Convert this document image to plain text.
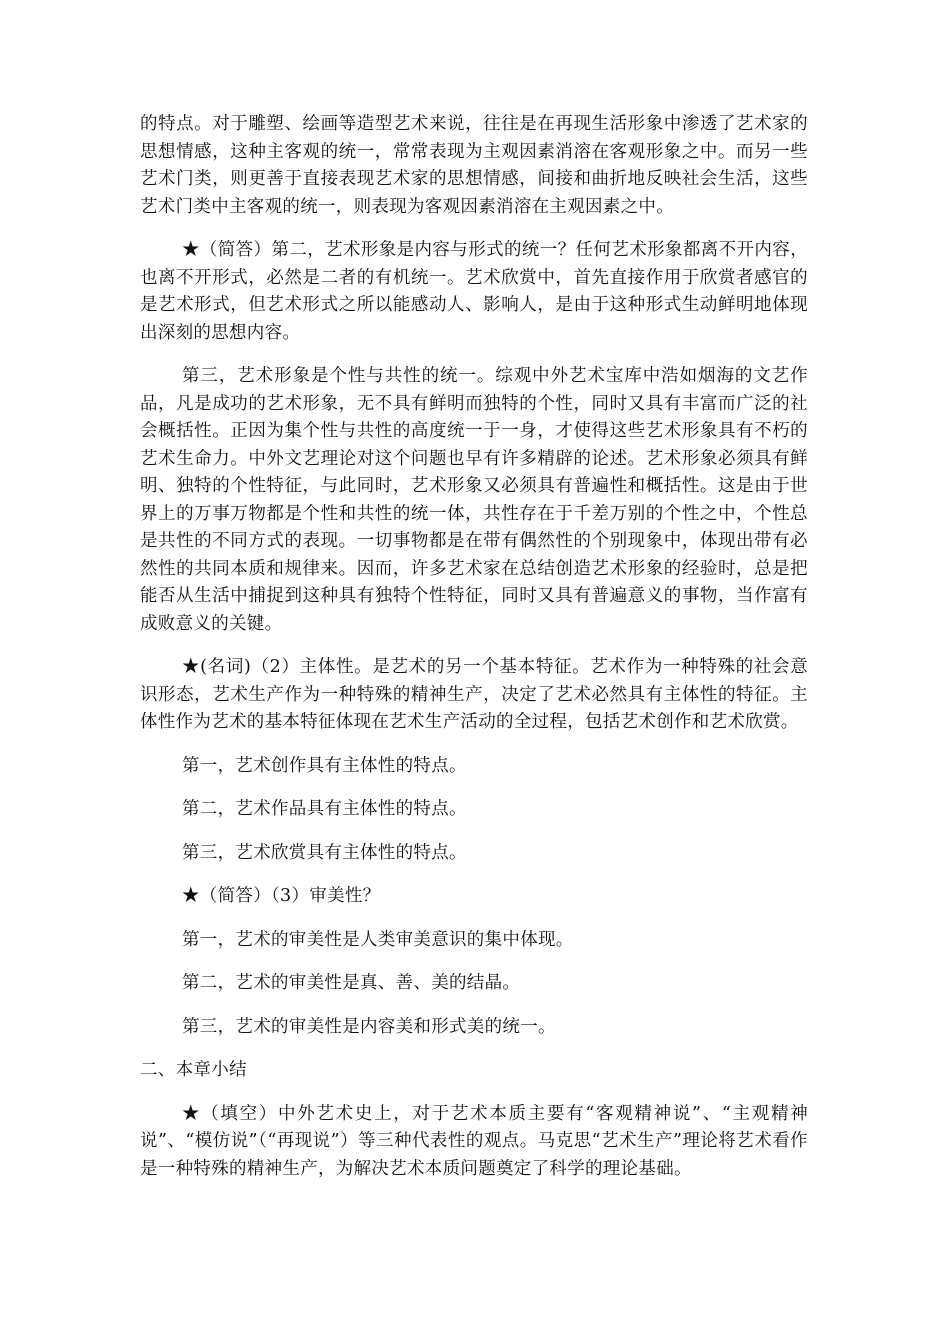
的特点。对于雕塑、绘画等造型艺术来说，往往是在再现生活形象中渗透了艺术家的思想情感，这种主客观的统一，常常表现为主观因素消溶在客观形象之中。而另一些艺术门类，则更善于直接表现艺术家的思想情感，间接和曲折地反映社会生活，这些艺术门类中主客观的统一，则表现为客观因素消溶在主观因素之中。

★（简答）第二，艺术形象是内容与形式的统一？任何艺术形象都离不开内容，也离不开形式，必然是二者的有机统一。艺术欣赏中，首先直接作用于欣赏者感官的是艺术形式，但艺术形式之所以能感动人、影响人，是由于这种形式生动鲜明地体现出深刻的思想内容。

第三，艺术形象是个性与共性的统一。综观中外艺术宝库中浩如烟海的文艺作品，凡是成功的艺术形象，无不具有鲜明而独特的个性，同时又具有丰富而广泛的社会概括性。正因为集个性与共性的高度统一于一身，才使得这些艺术形象具有不朽的艺术生命力。中外文艺理论对这个问题也早有许多精辟的论述。艺术形象必须具有鲜明、独特的个性特征，与此同时，艺术形象又必须具有普遍性和概括性。这是由于世界上的万事万物都是个性和共性的统一体，共性存在于千差万别的个性之中，个性总是共性的不同方式的表现。一切事物都是在带有偶然性的个别现象中，体现出带有必然性的共同本质和规律来。因而，许多艺术家在总结创造艺术形象的经验时，总是把能否从生活中捕捉到这种具有独特个性特征，同时又具有普遍意义的事物，当作富有成败意义的关键。

★(名词)（2）主体性。是艺术的另一个基本特征。艺术作为一种特殊的社会意识形态，艺术生产作为一种特殊的精神生产，决定了艺术必然具有主体性的特征。主体性作为艺术的基本特征体现在艺术生产活动的全过程，包括艺术创作和艺术欣赏。

第一，艺术创作具有主体性的特点。

第二，艺术作品具有主体性的特点。

第三，艺术欣赏具有主体性的特点。

★（简答）（3）审美性？

第一，艺术的审美性是人类审美意识的集中体现。

第二，艺术的审美性是真、善、美的结晶。

第三，艺术的审美性是内容美和形式美的统一。

二、本章小结

★（填空）中外艺术史上，对于艺术本质主要有“客观精神说”、“主观精神说”、“模仿说”（“再现说”）等三种代表性的观点。马克思“艺术生产”理论将艺术看作是一种特殊的精神生产，为解决艺术本质问题奠定了科学的理论基础。
